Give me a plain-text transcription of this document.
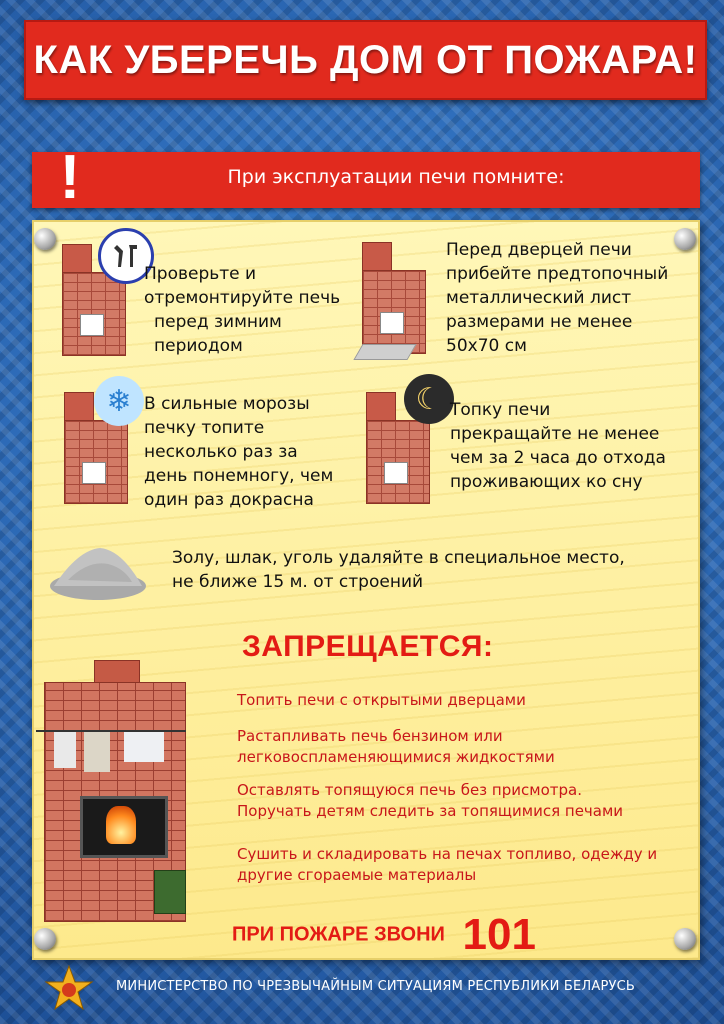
КАК УБЕРЕЧЬ ДОМ ОТ ПОЖАРА!
!	При эксплуатации печи помните:
Проверьте и
отремонтируйте печь
перед зимним
периодом
Перед дверцей печи
прибейте предтопочный
металлический лист
размерами не менее
50x70 см
❄ В сильные морозы
печку топите
несколько раз за
день понемногу, чем
один раз докрасна
☾ Топку печи
прекращайте не менее
чем за 2 часа до отхода
проживающих ко сну
Золу, шлак, уголь удаляйте в специальное место,
не ближе 15 м. от строений
ЗАПРЕЩАЕТСЯ:
Топить печи с открытыми дверцами
Растапливать печь бензином или
легковоспламеняющимися жидкостями
Оставлять топящуюся печь без присмотра.
Поручать детям следить за топящимися печами
Сушить и складировать на печах топливо, одежду и
другие сгораемые материалы
ПРИ ПОЖАРЕ ЗВОНИ 101
МИНИСТЕРСТВО ПО ЧРЕЗВЫЧАЙНЫМ СИТУАЦИЯМ РЕСПУБЛИКИ БЕЛАРУСЬ
